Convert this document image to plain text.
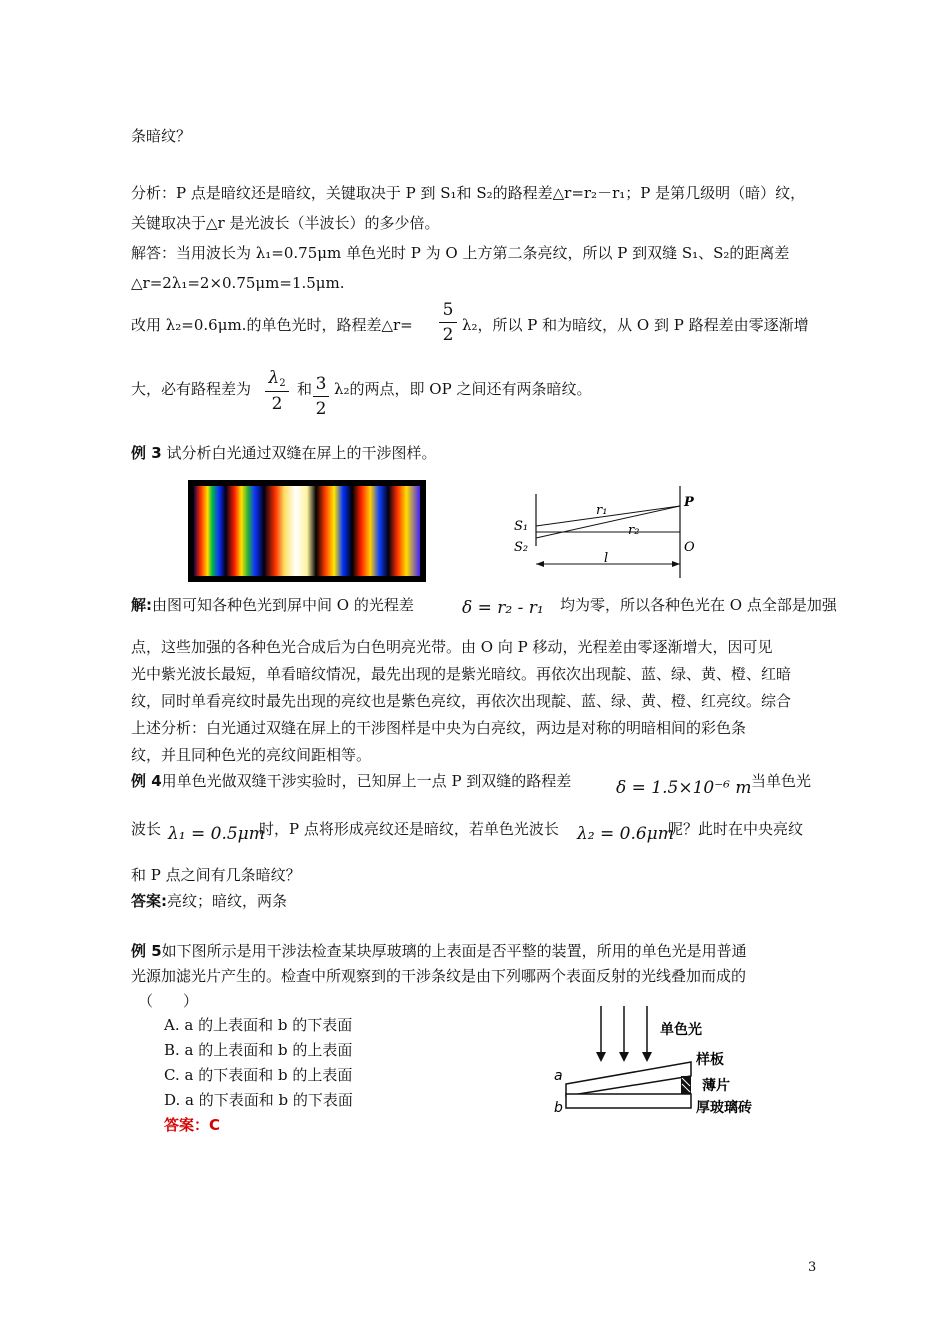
条暗纹？
分析：P 点是暗纹还是暗纹，关键取决于 P 到 S₁和 S₂的路程差△r=r₂－r₁；P 是第几级明（暗）纹，
关键取决于△r 是光波长（半波长）的多少倍。
解答：当用波长为 λ₁=0.75μm 单色光时 P 为 O 上方第二条亮纹，所以 P 到双缝 S₁、S₂的距离差
△r=2λ₁=2×0.75μm=1.5μm.
改用 λ₂=0.6μm.的单色光时，路程差△r=
5
2 λ₂，所以 P 和为暗纹，从 O 到 P 路程差由零逐渐增
大，必有路程差为
$\lambda_2$
2
和 3
2
λ₂的两点，即 OP 之间还有两条暗纹。
例 3 试分析白光通过双缝在屏上的干涉图样。
P
r₁
r₂
S₁
S₂	O
l
解:由图可知各种色光到屏中间 O 的光程差	δ = r₂ - r₁ 均为零，所以各种色光在 O 点全部是加强
点，这些加强的各种色光合成后为白色明亮光带。由 O 向 P 移动，光程差由零逐渐增大，因可见
光中紫光波长最短，单看暗纹情况，最先出现的是紫光暗纹。再依次出现靛、蓝、绿、黄、橙、红暗
纹，同时单看亮纹时最先出现的亮纹也是紫色亮纹，再依次出现靛、蓝、绿、黄、橙、红亮纹。综合
上述分析：白光通过双缝在屏上的干涉图样是中央为白亮纹，两边是对称的明暗相间的彩色条
纹，并且同种色光的亮纹间距相等。
例 4用单色光做双缝干涉实验时，已知屏上一点 P 到双缝的路程差	δ = 1.5×10⁻⁶ m
，当单色光
波长 λ₁ = 0.5μm
时，P 点将形成亮纹还是暗纹，若单色光波长 λ₂ = 0.6μm
呢？此时在中央亮纹
和 P 点之间有几条暗纹？
答案:亮纹；暗纹，两条
例 5如下图所示是用干涉法检查某块厚玻璃的上表面是否平整的装置，所用的单色光是用普通
光源加滤光片产生的。检查中所观察到的干涉条纹是由下列哪两个表面反射的光线叠加而成的
（　　）
A. a 的上表面和 b 的下表面
B. a 的上表面和 b 的上表面
C. a 的下表面和 b 的上表面
D. a 的下表面和 b 的下表面
答案：C
a
b
单色光
样板
薄片
厚玻璃砖
3
